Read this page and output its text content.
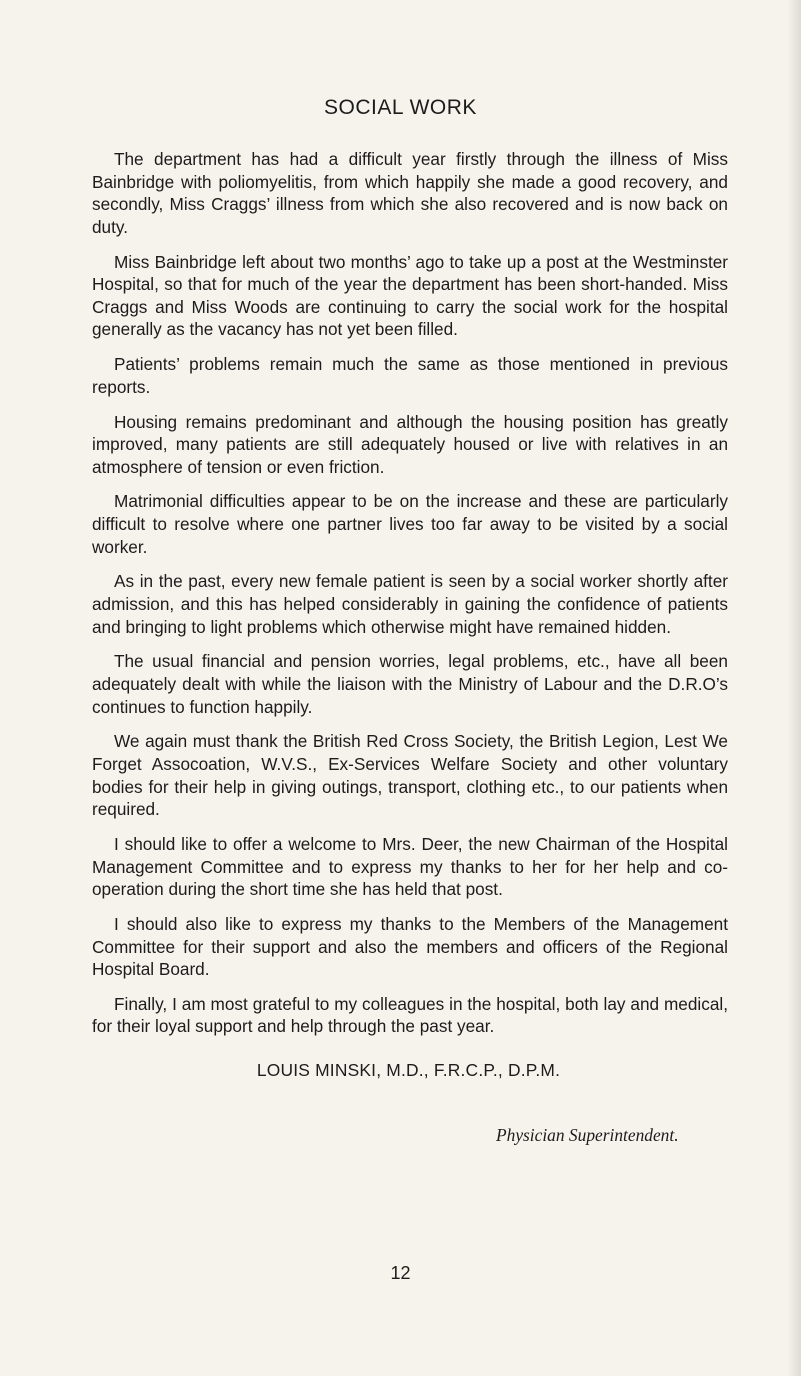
SOCIAL WORK

The department has had a difficult year firstly through the illness of Miss Bainbridge with poliomyelitis, from which happily she made a good recovery, and secondly, Miss Craggs’ illness from which she also recovered and is now back on duty.

Miss Bainbridge left about two months’ ago to take up a post at the Westminster Hospital, so that for much of the year the department has been short-handed. Miss Craggs and Miss Woods are continuing to carry the social work for the hospital generally as the vacancy has not yet been filled.

Patients’ problems remain much the same as those mentioned in previous reports.

Housing remains predominant and although the housing position has greatly improved, many patients are still adequately housed or live with relatives in an atmosphere of tension or even friction.

Matrimonial difficulties appear to be on the increase and these are particularly difficult to resolve where one partner lives too far away to be visited by a social worker.

As in the past, every new female patient is seen by a social worker shortly after admission, and this has helped considerably in gaining the confidence of patients and bringing to light problems which otherwise might have remained hidden.

The usual financial and pension worries, legal problems, etc., have all been adequately dealt with while the liaison with the Ministry of Labour and the D.R.O’s continues to function happily.

We again must thank the British Red Cross Society, the British Legion, Lest We Forget Assocoation, W.V.S., Ex-Services Welfare Society and other voluntary bodies for their help in giving outings, transport, clothing etc., to our patients when required.

I should like to offer a welcome to Mrs. Deer, the new Chairman of the Hospital Management Committee and to express my thanks to her for her help and co-operation during the short time she has held that post.

I should also like to express my thanks to the Members of the Management Committee for their support and also the members and officers of the Regional Hospital Board.

Finally, I am most grateful to my colleagues in the hospital, both lay and medical, for their loyal support and help through the past year.

LOUIS MINSKI, M.D., F.R.C.P., D.P.M.
Physician Superintendent.
12
